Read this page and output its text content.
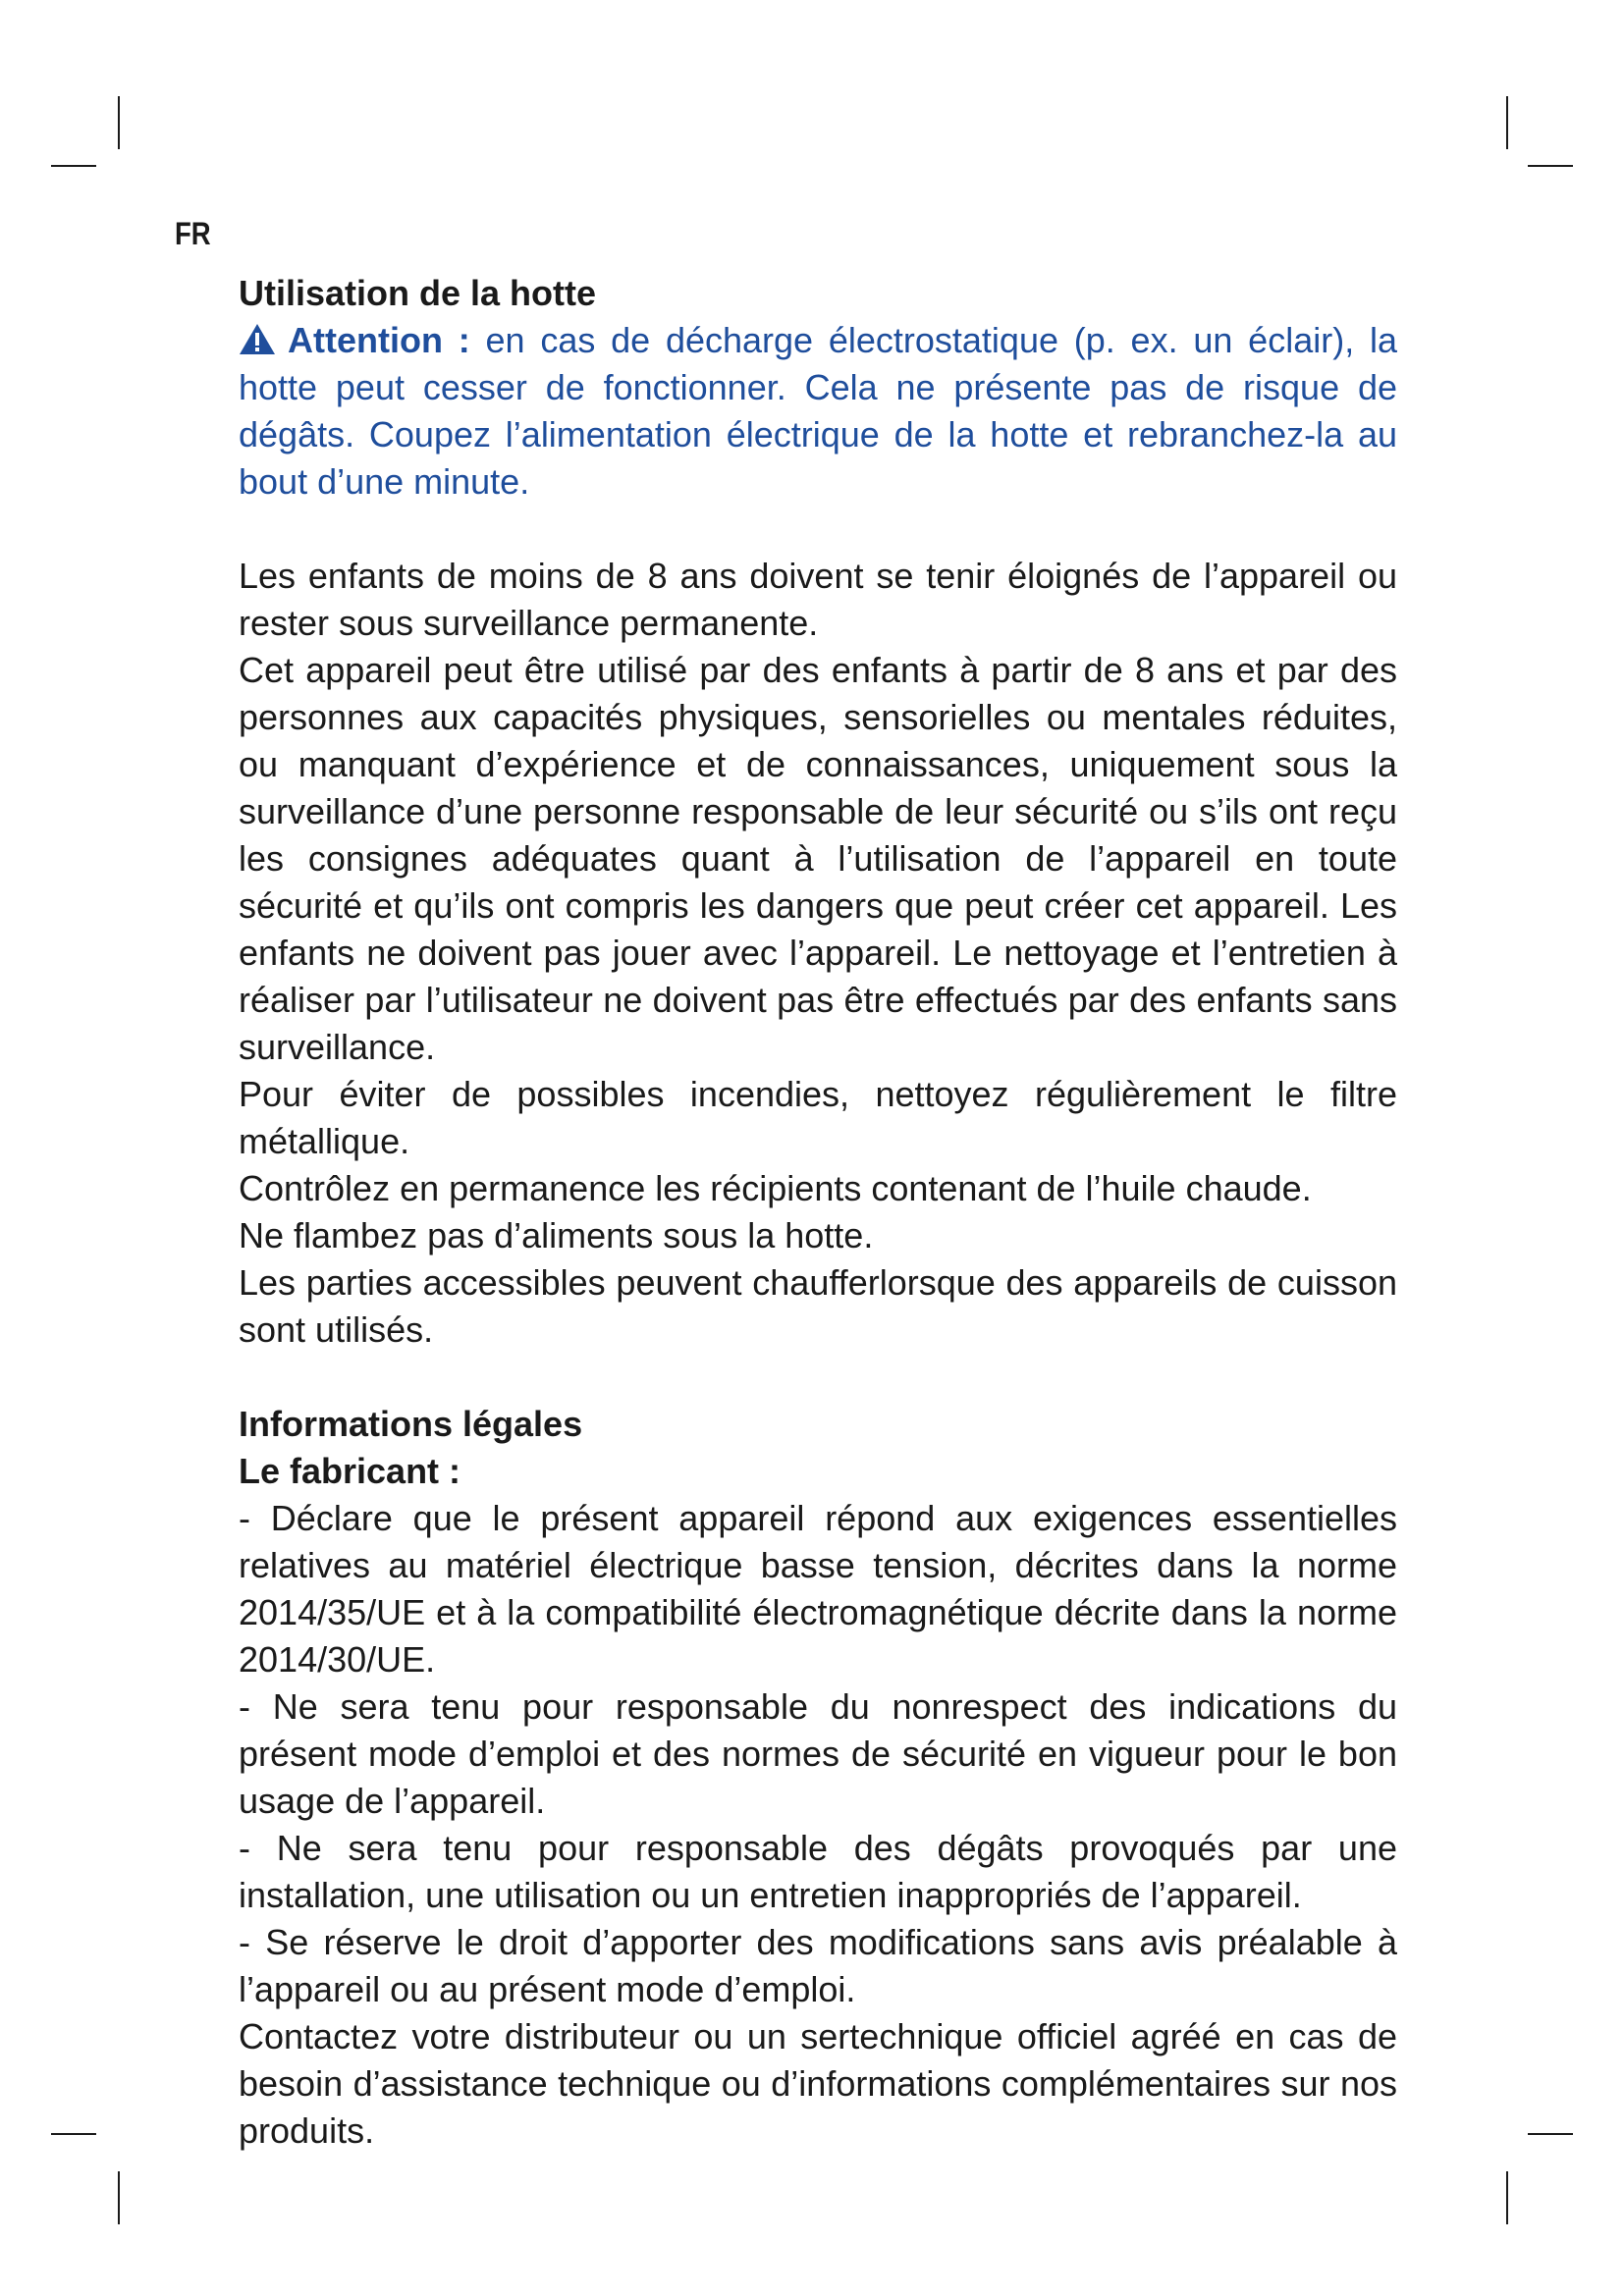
FR
Utilisation de la hotte

Attention : en cas de décharge électrostatique (p. ex. un éclair), la hotte peut cesser de fonctionner. Cela ne présente pas de risque de dégâts. Coupez l’alimentation électrique de la hotte et rebranchez-la au bout d’une minute.

Les enfants de moins de 8 ans doivent se tenir éloignés de l’appareil ou rester sous surveillance permanente.

Cet appareil peut être utilisé par des enfants à partir de 8 ans et par des personnes aux capacités physiques, sensorielles ou mentales réduites, ou manquant d’expérience et de connaissances, uniquement sous la surveillance d’une personne responsable de leur sécurité ou s’ils ont reçu les consignes adéquates quant à l’utilisation de l’appareil en toute sécurité et qu’ils ont compris les dangers que peut créer cet appareil. Les enfants ne doivent pas jouer avec l’appareil. Le nettoyage et l’entretien à réaliser par l’utilisateur ne doivent pas être effectués par des enfants sans surveillance.

Pour éviter de possibles incendies, nettoyez régulièrement le filtre métallique.

Contrôlez en permanence les récipients contenant de l’huile chaude.

Ne flambez pas d’aliments sous la hotte.

Les parties accessibles peuvent chaufferlorsque des appareils de cuisson sont utilisés.

Informations légales
Le fabricant :

- Déclare que le présent appareil répond aux exigences essentielles relatives au matériel électrique basse tension, décrites dans la norme 2014/35/UE et à la compatibilité électromagnétique décrite dans la norme 2014/30/UE.

- Ne sera tenu pour responsable du nonrespect des indications du présent mode d’emploi et des normes de sécurité en vigueur pour le bon usage de l’appareil.

- Ne sera tenu pour responsable des dégâts provoqués par une installation, une utilisation ou un entretien inappropriés de l’appareil.

- Se réserve le droit d’apporter des modifications sans avis préalable à l’appareil ou au présent mode d’emploi.

Contactez votre distributeur ou un sertechnique officiel agréé en cas de besoin d’assistance technique ou d’informations complémentaires sur nos produits.
